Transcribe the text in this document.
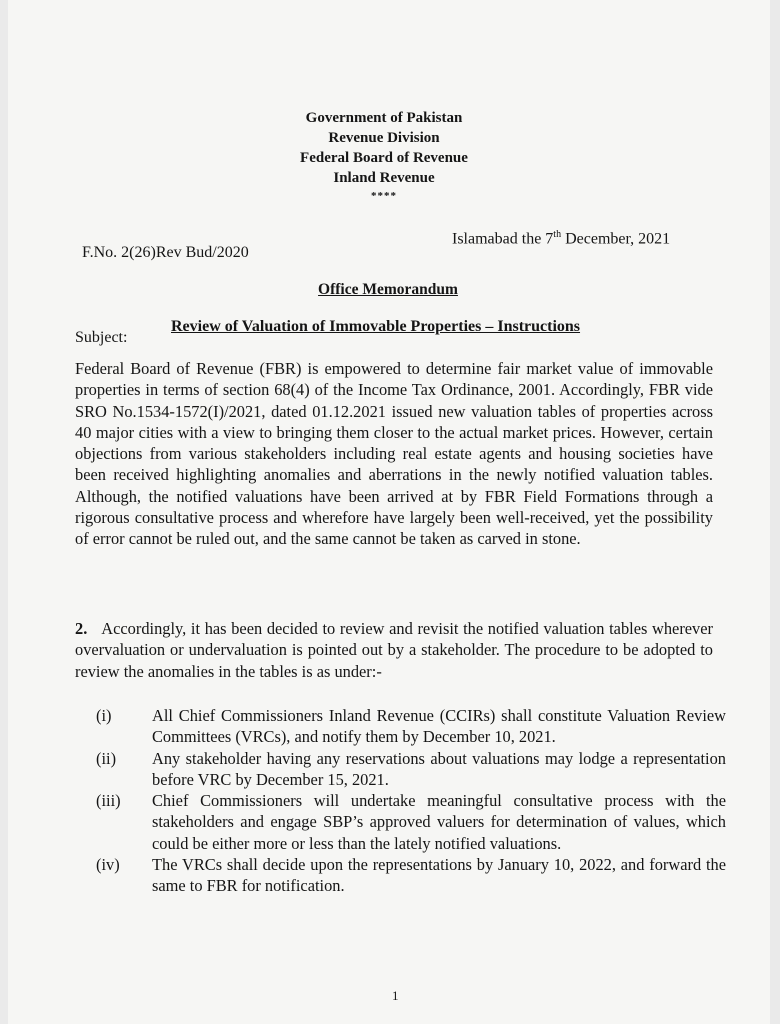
Government of Pakistan
Revenue Division
Federal Board of Revenue
Inland Revenue
****
F.No. 2(26)Rev Bud/2020
Islamabad the 7th December, 2021
Office Memorandum
Subject:
Review of Valuation of Immovable Properties – Instructions
Federal Board of Revenue (FBR) is empowered to determine fair market value of immovable properties in terms of section 68(4) of the Income Tax Ordinance, 2001. Accordingly, FBR vide SRO No.1534-1572(I)/2021, dated 01.12.2021 issued new valuation tables of properties across 40 major cities with a view to bringing them closer to the actual market prices. However, certain objections from various stakeholders including real estate agents and housing societies have been received highlighting anomalies and aberrations in the newly notified valuation tables. Although, the notified valuations have been arrived at by FBR Field Formations through a rigorous consultative process and wherefore have largely been well-received, yet the possibility of error cannot be ruled out, and the same cannot be taken as carved in stone.
2. Accordingly, it has been decided to review and revisit the notified valuation tables wherever overvaluation or undervaluation is pointed out by a stakeholder. The procedure to be adopted to review the anomalies in the tables is as under:-
(i)	All Chief Commissioners Inland Revenue (CCIRs) shall constitute Valuation Review Committees (VRCs), and notify them by December 10, 2021.
(ii)	Any stakeholder having any reservations about valuations may lodge a representation before VRC by December 15, 2021.
(iii)	Chief Commissioners will undertake meaningful consultative process with the stakeholders and engage SBP’s approved valuers for determination of values, which could be either more or less than the lately notified valuations.
(iv)	The VRCs shall decide upon the representations by January 10, 2022, and forward the same to FBR for notification.
1
